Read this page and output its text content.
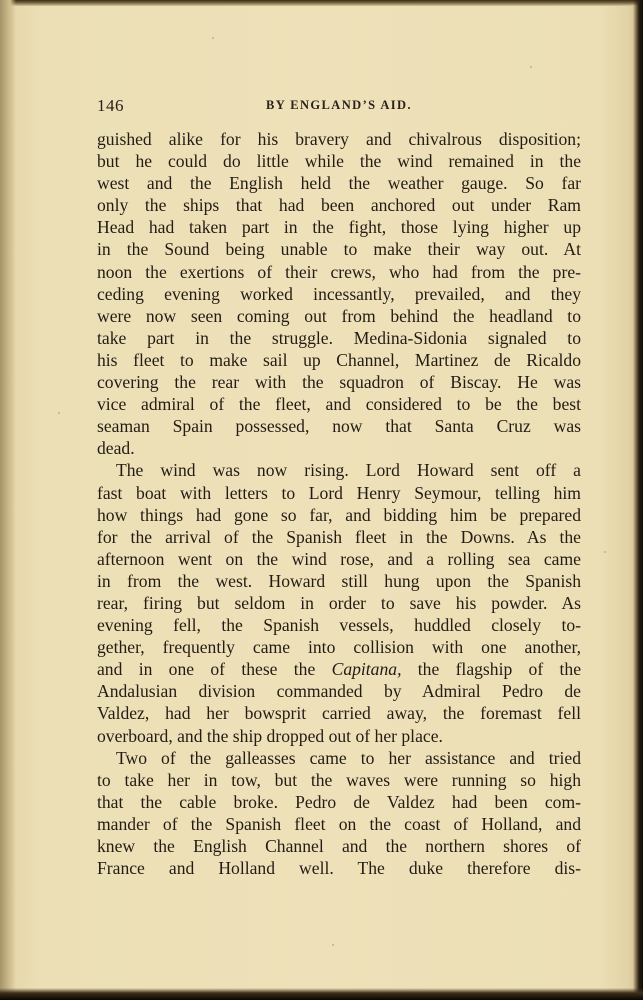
146	BY ENGLAND’S AID.
guished alike for his bravery and chivalrous disposition;
but he could do little while the wind remained in the
west and the English held the weather gauge. So far
only the ships that had been anchored out under Ram
Head had taken part in the fight, those lying higher up
in the Sound being unable to make their way out. At
noon the exertions of their crews, who had from the pre-
ceding evening worked incessantly, prevailed, and they
were now seen coming out from behind the headland to
take part in the struggle. Medina-Sidonia signaled to
his fleet to make sail up Channel, Martinez de Ricaldo
covering the rear with the squadron of Biscay. He was
vice admiral of the fleet, and considered to be the best
seaman Spain possessed, now that Santa Cruz was
dead.
The wind was now rising. Lord Howard sent off a
fast boat with letters to Lord Henry Seymour, telling him
how things had gone so far, and bidding him be prepared
for the arrival of the Spanish fleet in the Downs. As the
afternoon went on the wind rose, and a rolling sea came
in from the west. Howard still hung upon the Spanish
rear, firing but seldom in order to save his powder. As
evening fell, the Spanish vessels, huddled closely to-
gether, frequently came into collision with one another,
and in one of these the Capitana, the flagship of the
Andalusian division commanded by Admiral Pedro de
Valdez, had her bowsprit carried away, the foremast fell
overboard, and the ship dropped out of her place.
Two of the galleasses came to her assistance and tried
to take her in tow, but the waves were running so high
that the cable broke. Pedro de Valdez had been com-
mander of the Spanish fleet on the coast of Holland, and
knew the English Channel and the northern shores of
France and Holland well. The duke therefore dis-
